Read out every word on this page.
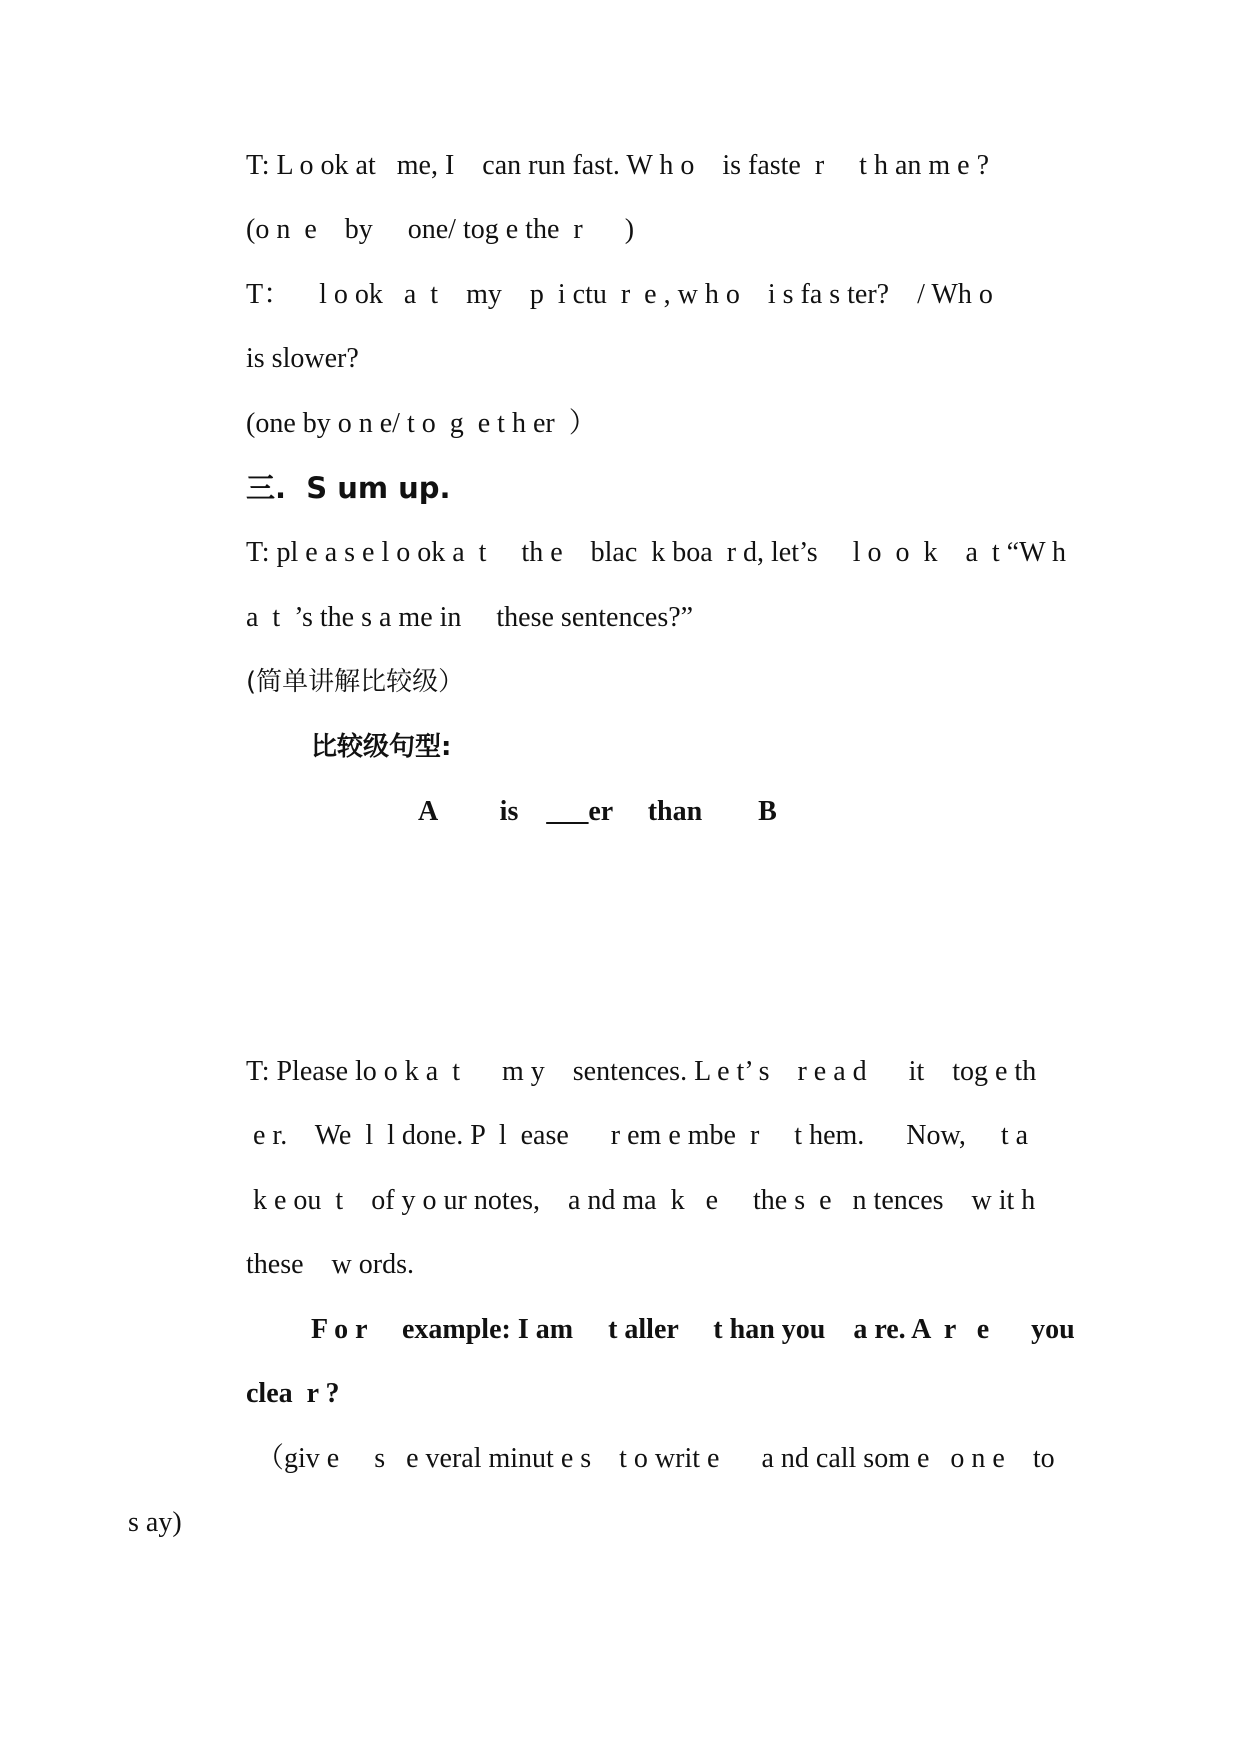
T: L o ok at   me, I    can run fast. W h o    is faste  r     t h an m e ?

(o n  e    by     one/ tog e the  r      )

T：    l o ok   a  t    my    p  i ctu  r  e , w h o    i s fa s ter?    / Wh o

is slower?

(one by o n e/ t o  g  e t h er  ）

三.  S um up.

T: pl e a s e l o ok a  t     th e    blac  k boa  r d, let’s     l o  o  k    a  t “W h

a  t  ’s the s a me in     these sentences?”

(简单讲解比较级）

比较级句型:

A         is    ___er     than        B

T: Please lo o k a  t      m y    sentences. L e t’ s    r e a d      it    tog e th

e r.    We  l  l done. P  l  ease      r em e mbe  r     t hem.      Now,     t a

k e ou  t    of y o ur notes,    a nd ma  k   e     the s  e   n tences    w it h

these    w ords.

F o r     example: I am     t aller     t han you    a re. A  r   e      you

clea  r ?

（giv e     s   e veral minut e s    t o writ e      a nd call som e   o n e    to

s ay)
